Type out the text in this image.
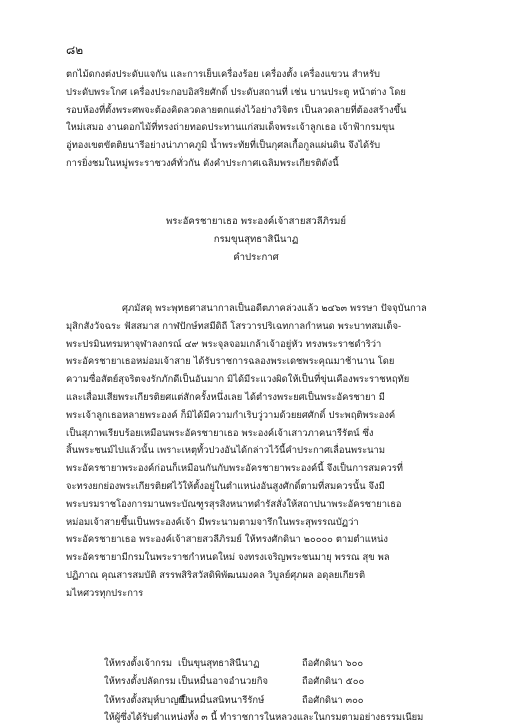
๘๒
ตกไม้ดกงต่งประดับแจกัน และการเย็บเครื่องร้อย เครื่องตั้ง เครื่องแขวน สำหรับ
ประดับพระโกศ เครื่องประกอบอิสริยศักดิ์ ประดับสถานที่ เช่น บานประตู หน้าต่าง โดย
รอบห้องที่ตั้งพระศพจะต้องคิดลวดลายตกแต่งไว้อย่างวิจิตร เป็นลวดลายที่ต้องสร้างขึ้น
ใหม่เสมอ งานดอกไม้ที่ทรงถ่ายทอดประทานแก่สมเด็จพระเจ้าลูกเธอ เจ้าฟ้ากรมขุน
อู่ทองเขตขัตติยนารีอย่างน่าภาคภูมิ น้ำพระทัยที่เป็นกุศลเกื้อกูลแผ่นดิน จึงได้รับ
การยิ่งชมในหมู่พระราชวงศ์ทั่วกัน ดังคำประกาศเฉลิมพระเกียรติดังนี้
พระอัครชายาเธอ พระองค์เจ้าสายสวลีภิรมย์
กรมขุนสุทธาสินีนาฏ
คำประกาศ
ศุภมัสดุ พระพุทธศาสนากาลเป็นอดีตภาคล่วงแล้ว ๒๔๖๓ พรรษา ปัจจุบันกาล
มุสิกสังวัจฉระ ฟัสสมาส กาฬปักษ์ทสมีดิถี โสรวารปริเฉทกาลกำหนด พระบาทสมเด็จ-
พระปรมินทรมหาจุฬาลงกรณ์ ๔๙ พระจุลจอมเกล้าเจ้าอยู่หัว ทรงพระราชดำริว่า
พระอัครชายาเธอหม่อมเจ้าสาย ได้รับราชการฉลองพระเดชพระคุณมาช้านาน โดย
ความซื่อสัตย์สุจริตจงรักภักดีเป็นอันมาก มิได้มีระแวงผิดให้เป็นที่ขุ่นเคืองพระราชหฤทัย
และเสื่อมเสียพระเกียรติยศแต่สักครั้งหนึ่งเลย ได้ตำรงพระยศเป็นพระอัครชายา มี
พระเจ้าลูกเธอหลายพระองค์ ก็มิได้มีความกำเริบวู่วามด้วยยศศักดิ์ ประพฤติพระองค์
เป็นสุภาพเรียบร้อยเหมือนพระอัครชายาเธอ พระองค์เจ้าเสาวภาคนารีรัตน์ ซึ่ง
สิ้นพระชนม์ไปแล้วนั้น เพราะเหตุทั้วปวงอันได้กล่าวไว้นี้คำประกาศเลื่อนพระนาม
พระอัครชายาพระองค์ก่อนก็เหมือนกันกับพระอัครชายาพระองค์นี้ จึงเป็นการสมควรที่
จะทรงยกย่องพระเกียรติยศไว้ให้ตั้งอยู่ในตำแหน่งอันสูงศักดิ์ตามที่สมควรนั้น จึงมี
พระบรมราชโองการมานพระบัณฑูรสุรสิงหนาทดำรัสสั่งให้สถาปนาพระอัครชายาเธอ
หม่อมเจ้าสายขึ้นเป็นพระองค์เจ้า มีพระนามตามจารึกในพระสุพรรณบัฏว่า
พระอัครชายาเธอ พระองค์เจ้าสายสวลีภิรมย์ ให้ทรงศักดินา ๒๐๐๐๐ ตามตำแหน่ง
พระอัครชายามีกรมในพระราชกำหนดใหม่ จงทรงเจริญพระชนมายุ พรรณ สุข พล
ปฏิภาณ คุณสารสมบัติ สรรพสิริสวัสดิพิพัฒนมงคล วิบูลย์ศุภผล อดุลยเกียรติ
มไหศวรทุกประการ
ให้ทรงตั้งเจ้ากรม เป็นขุนสุทธาสินีนาฏ	ถือศักดินา ๖๐๐
ให้ทรงตั้งปลัดกรม เป็นหมื่นอาจอำนวยกิจ	ถือศักดินา ๕๐๐
ให้ทรงตั้งสมุห์บาญชี
เป็นหมื่นสนิทนารีรักษ์	ถือศักดินา ๓๐๐
ให้ผู้ซึ่งได้รับตำแหน่งทั้ง ๓ นี้ ทำราชการในหลวงและในกรมตามอย่างธรรมเนียม
